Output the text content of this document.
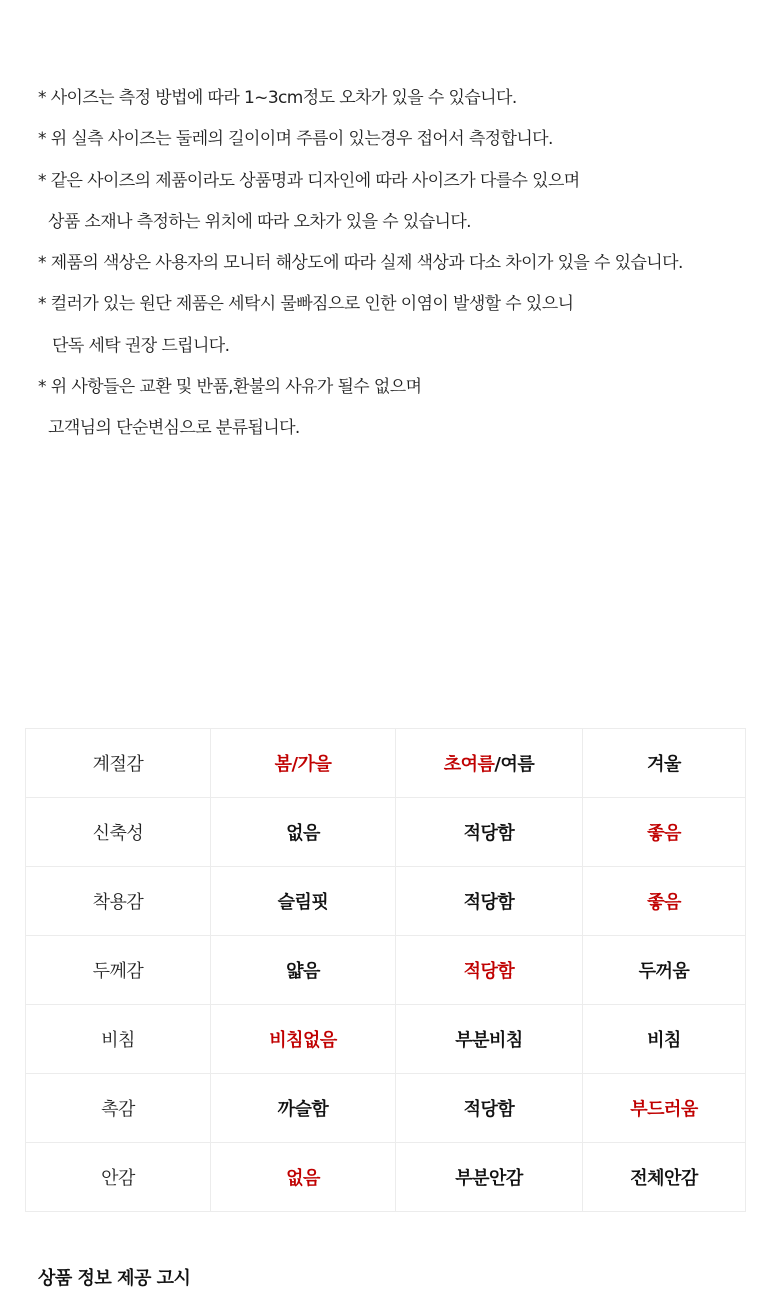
* 사이즈는 측정 방법에 따라 1~3cm정도 오차가 있을 수 있습니다.
* 위 실측 사이즈는 둘레의 길이이며 주름이 있는경우 접어서 측정합니다.
* 같은 사이즈의 제품이라도 상품명과 디자인에 따라 사이즈가 다를수 있으며
상품 소재나 측정하는 위치에 따라 오차가 있을 수 있습니다.
* 제품의 색상은 사용자의 모니터 해상도에 따라 실제 색상과 다소 차이가 있을 수 있습니다.
* 컬러가 있는 원단 제품은 세탁시 물빠짐으로 인한 이염이 발생할 수 있으니
단독 세탁 권장 드립니다.
* 위 사항들은 교환 및 반품,환불의 사유가 될수 없으며
고객님의 단순변심으로 분류됩니다.
계절감	봄/가을	초여름/여름	겨울
신축성	없음	적당함	좋음
착용감	슬림핏	적당함	좋음
두께감	얇음	적당함	두꺼움
비침	비침없음	부분비침	비침
촉감	까슬함	적당함	부드러움
안감	없음	부분안감	전체안감
상품 정보 제공 고시
